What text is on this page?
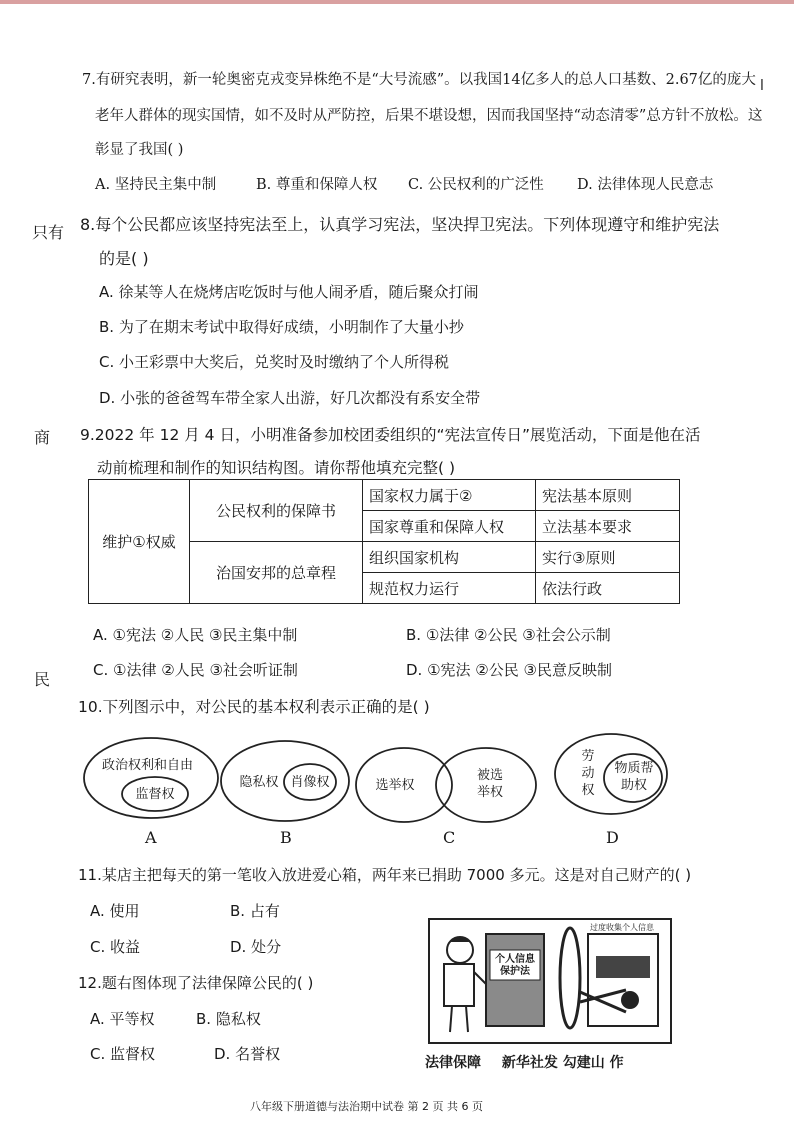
只有
商
民
l
7.有研究表明，新一轮奥密克戎变异株绝不是“大号流感”。以我国14亿多人的总人口基数、2.67亿的庞大
老年人群体的现实国情，如不及时从严防控，后果不堪设想，因而我国坚持“动态清零”总方针不放松。这
彰显了我国( )
A. 坚持民主集中制	B. 尊重和保障人权 C. 公民权利的广泛性 D. 法律体现人民意志
8.每个公民都应该坚持宪法至上，认真学习宪法，坚决捍卫宪法。下列体现遵守和维护宪法
的是( )
A. 徐某等人在烧烤店吃饭时与他人闹矛盾，随后聚众打闹
B. 为了在期末考试中取得好成绩，小明制作了大量小抄
C. 小王彩票中大奖后，兑奖时及时缴纳了个人所得税
D. 小张的爸爸驾车带全家人出游，好几次都没有系安全带
9.2022 年 12 月 4 日，小明准备参加校团委组织的“宪法宣传日”展览活动，下面是他在活
动前梳理和制作的知识结构图。请你帮他填充完整( )
维护①权威	公民权利的保障书	国家权力属于②	宪法基本原则
		国家尊重和保障人权	立法基本要求
	治国安邦的总章程	组织国家机构	实行③原则
		规范权力运行	依法行政
A. ①宪法 ②人民 ③民主集中制	B. ①法律 ②公民 ③社会公示制
C. ①法律 ②人民 ③社会听证制	D. ①宪法 ②公民 ③民意反映制
10.下列图示中，对公民的基本权利表示正确的是( )
政治权利和自由
监督权
隐私权 肖像权	选举权
被选举权
劳动权
物质帮助权
A	B	C	D
11.某店主把每天的第一笔收入放进爱心箱，两年来已捐助 7000 多元。这是对自己财产的( )
A. 使用	B. 占有
C. 收益	D. 处分
12.题右图体现了法律保障公民的( )
A. 平等权	B. 隐私权
C. 监督权	D. 名誉权
个人信息保护法
过度收集个人信息
法律保障 新华社发 勾建山 作
八年级下册道德与法治期中试卷 第 2 页 共 6 页
